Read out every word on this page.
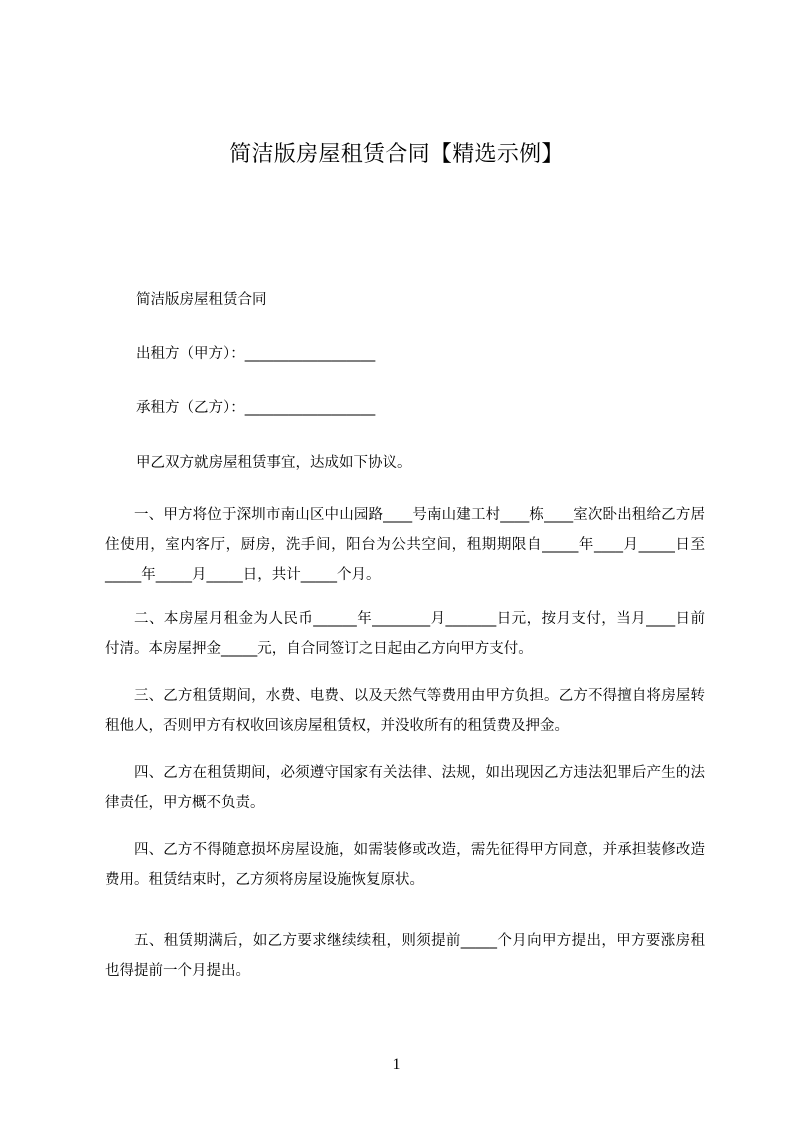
简洁版房屋租赁合同【精选示例】
简洁版房屋租赁合同
出租方（甲方）：__________________
承租方（乙方）：__________________
甲乙双方就房屋租赁事宜，达成如下协议。

一、甲方将位于深圳市南山区中山园路____号南山建工村____栋____室次卧出租给乙方居住使用，室内客厅，厨房，洗手间，阳台为公共空间，租期期限自_____年____月_____日至_____年_____月_____日，共计_____个月。

二、本房屋月租金为人民币______年________月_______日元，按月支付，当月____日前付清。本房屋押金_____元，自合同签订之日起由乙方向甲方支付。

三、乙方租赁期间，水费、电费、以及天然气等费用由甲方负担。乙方不得擅自将房屋转租他人，否则甲方有权收回该房屋租赁权，并没收所有的租赁费及押金。

四、乙方在租赁期间，必须遵守国家有关法律、法规，如出现因乙方违法犯罪后产生的法律责任，甲方概不负责。

四、乙方不得随意损坏房屋设施，如需装修或改造，需先征得甲方同意，并承担装修改造费用。租赁结束时，乙方须将房屋设施恢复原状。

五、租赁期满后，如乙方要求继续续租，则须提前_____个月向甲方提出，甲方要涨房租也得提前一个月提出。

1
